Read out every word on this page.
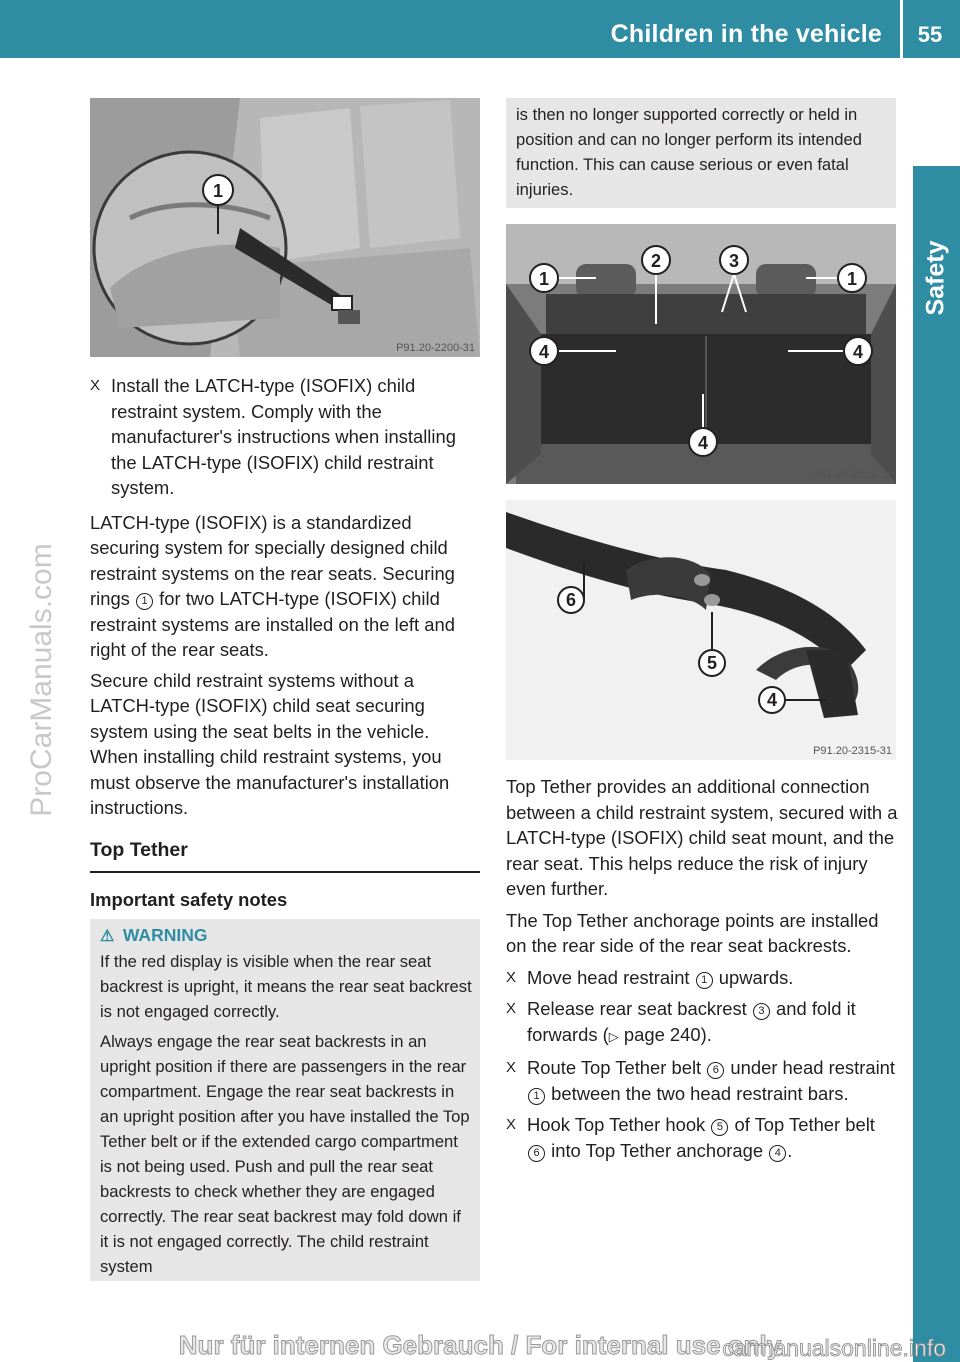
Children in the vehicle	55
Safety
ProCarManuals.com
1
P91.20-2200-31
1
2	3
1
4	4
4
P91.20-2316-31
6
5
4
P91.20-2315-31
X Install the LATCH-type (ISOFIX) child restraint system. Comply with the manufacturer's instructions when installing the LATCH-type (ISOFIX) child restraint system.

LATCH-type (ISOFIX) is a standardized securing system for specially designed child restraint systems on the rear seats. Securing rings 1 for two LATCH-type (ISOFIX) child restraint systems are installed on the left and right of the rear seats.

Secure child restraint systems without a LATCH-type (ISOFIX) child seat securing system using the seat belts in the vehicle. When installing child restraint systems, you must observe the manufacturer's installation instructions.

Top Tether
Important safety notes
⚠ WARNING

If the red display is visible when the rear seat backrest is upright, it means the rear seat backrest is not engaged correctly.

Always engage the rear seat backrests in an upright position if there are passengers in the rear compartment. Engage the rear seat backrests in an upright position after you have installed the Top Tether belt or if the extended cargo compartment is not being used. Push and pull the rear seat backrests to check whether they are engaged correctly. The rear seat backrest may fold down if it is not engaged correctly. The child restraint system

is then no longer supported correctly or held in position and can no longer perform its intended function. This can cause serious or even fatal injuries.

Top Tether provides an additional connection between a child restraint system, secured with a LATCH-type (ISOFIX) child seat mount, and the rear seat. This helps reduce the risk of injury even further.

The Top Tether anchorage points are installed on the rear side of the rear seat backrests.

X Move head restraint 1 upwards.
X Release rear seat backrest 3 and fold it forwards (▷ page 240).
X Route Top Tether belt 6 under head restraint 1 between the two head restraint bars.
X Hook Top Tether hook 5 of Top Tether belt 6 into Top Tether anchorage 4 .
Nur für internen Gebrauch / For internal use only
carmanualsonline.info
